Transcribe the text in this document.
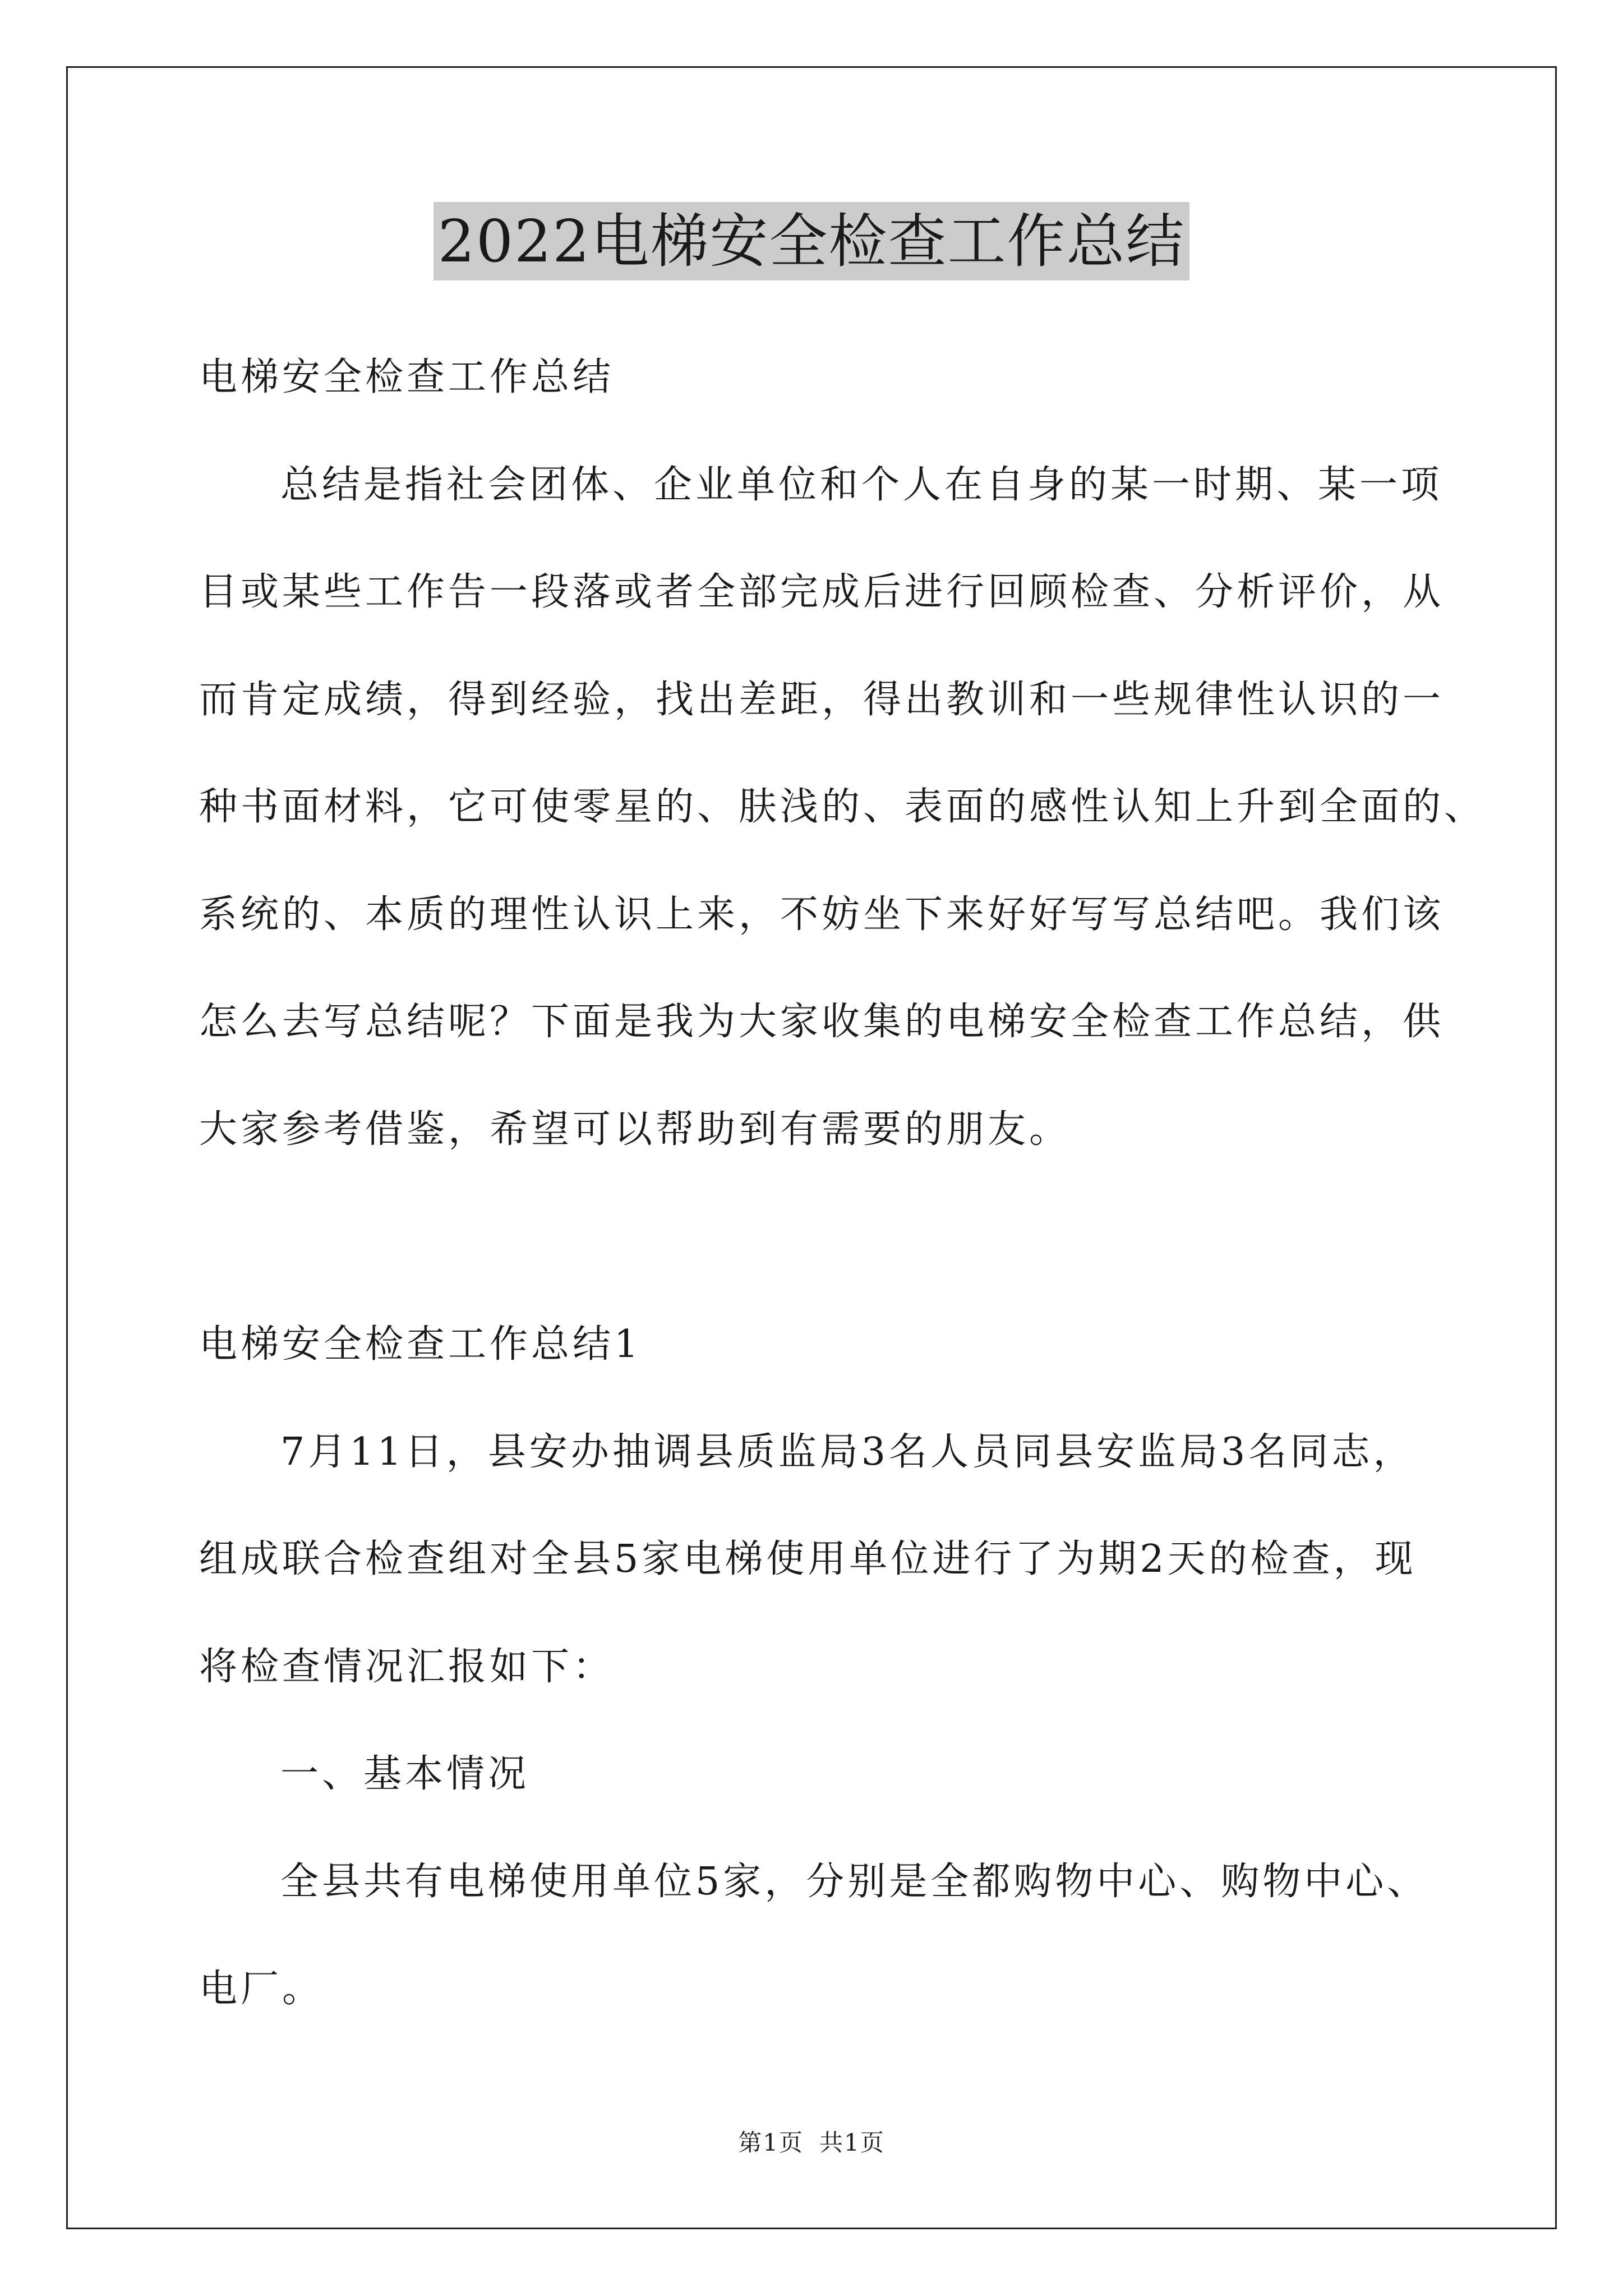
2022电梯安全检查工作总结
电梯安全检查工作总结
总结是指社会团体、企业单位和个人在自身的某一时期、某一项
目或某些工作告一段落或者全部完成后进行回顾检查、分析评价，从
而肯定成绩，得到经验，找出差距，得出教训和一些规律性认识的一
种书面材料，它可使零星的、肤浅的、表面的感性认知上升到全面的、
系统的、本质的理性认识上来，不妨坐下来好好写写总结吧。我们该
怎么去写总结呢？下面是我为大家收集的电梯安全检查工作总结，供
大家参考借鉴，希望可以帮助到有需要的朋友。
电梯安全检查工作总结1
7月11日，县安办抽调县质监局3名人员同县安监局3名同志，
组成联合检查组对全县5家电梯使用单位进行了为期2天的检查，现
将检查情况汇报如下：
一、基本情况
全县共有电梯使用单位5家，分别是全都购物中心、购物中心、
电厂。
第1页 共1页
